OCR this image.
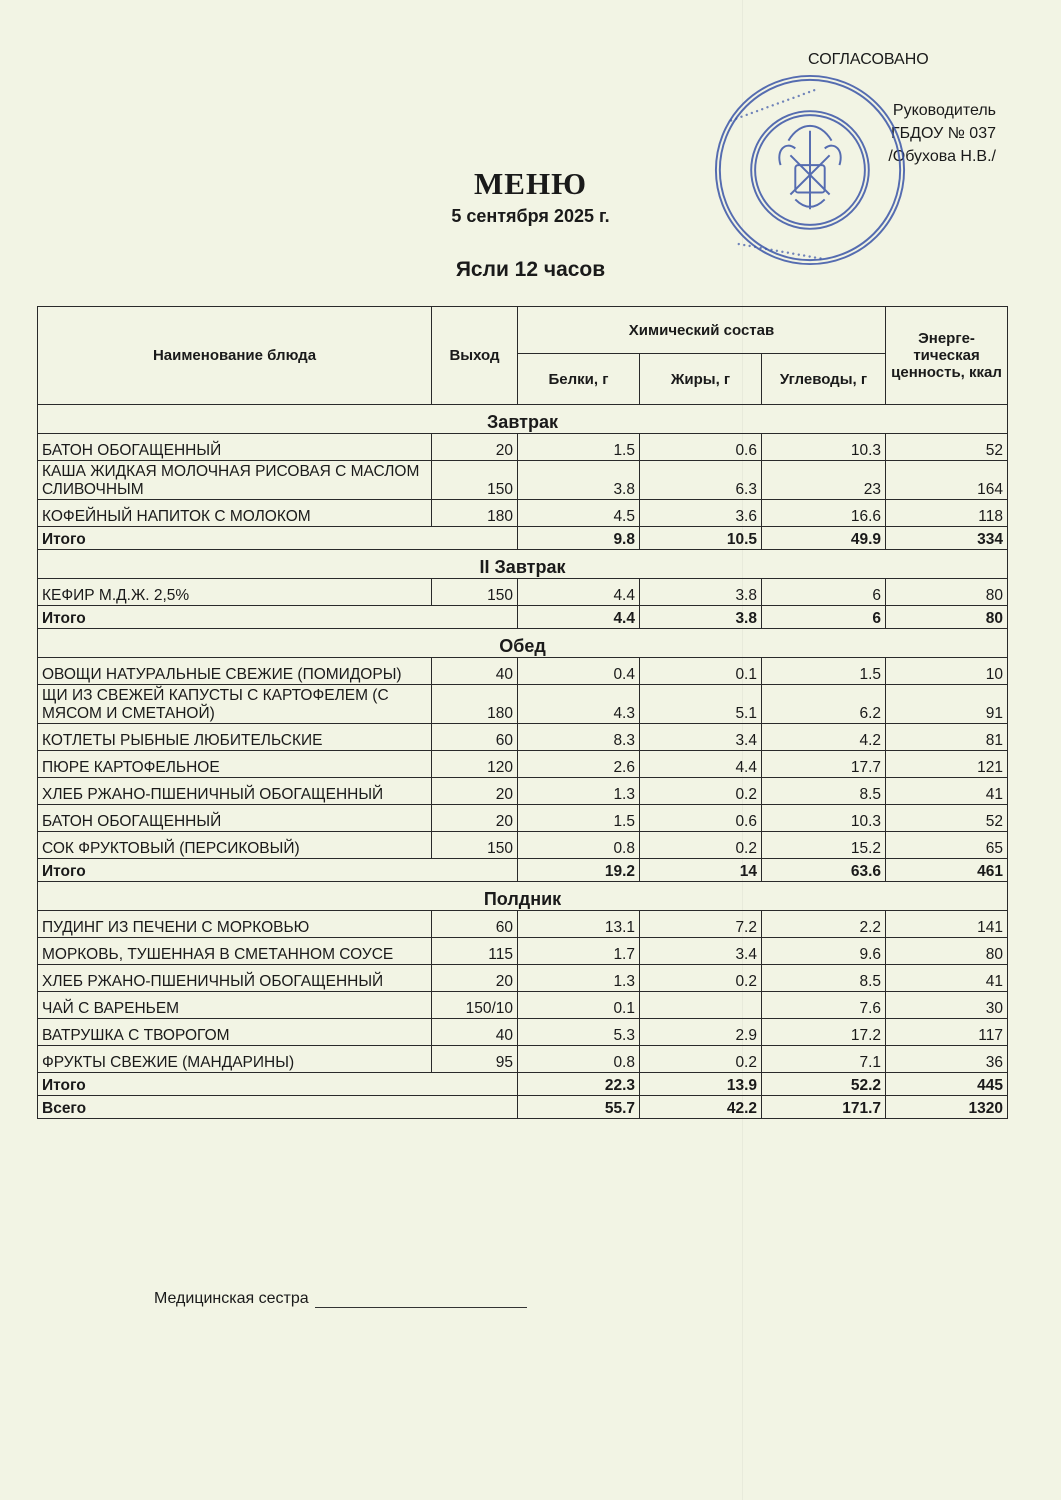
СОГЛАСОВАНО
Руководитель
ГБДОУ № 037
/Обухова Н.В./
• • • • • • • • • • • • • • • • •
• • • • • • • • • • • • • • • •
МЕНЮ
5 сентября 2025 г.
Ясли 12 часов
Наименование блюда	Выход	Химический состав			Энерге-тическая ценность, ккал
		Белки, г	Жиры, г	Углеводы, г	
Завтрак					
БАТОН ОБОГАЩЕННЫЙ	20	1.5	0.6	10.3	52
КАША ЖИДКАЯ МОЛОЧНАЯ РИСОВАЯ С МАСЛОМ СЛИВОЧНЫМ	150	3.8	6.3	23	164
КОФЕЙНЫЙ НАПИТОК С МОЛОКОМ	180	4.5	3.6	16.6	118
Итого		9.8	10.5	49.9	334
II Завтрак					
КЕФИР М.Д.Ж. 2,5%	150	4.4	3.8	6	80
Итого		4.4	3.8	6	80
Обед					
ОВОЩИ НАТУРАЛЬНЫЕ СВЕЖИЕ (ПОМИДОРЫ)	40	0.4	0.1	1.5	10
ЩИ ИЗ СВЕЖЕЙ КАПУСТЫ С КАРТОФЕЛЕМ (С МЯСОМ И СМЕТАНОЙ)	180	4.3	5.1	6.2	91
КОТЛЕТЫ РЫБНЫЕ ЛЮБИТЕЛЬСКИЕ	60	8.3	3.4	4.2	81
ПЮРЕ КАРТОФЕЛЬНОЕ	120	2.6	4.4	17.7	121
ХЛЕБ РЖАНО-ПШЕНИЧНЫЙ ОБОГАЩЕННЫЙ	20	1.3	0.2	8.5	41
БАТОН ОБОГАЩЕННЫЙ	20	1.5	0.6	10.3	52
СОК ФРУКТОВЫЙ (ПЕРСИКОВЫЙ)	150	0.8	0.2	15.2	65
Итого		19.2	14	63.6	461
Полдник					
ПУДИНГ ИЗ ПЕЧЕНИ С МОРКОВЬЮ	60	13.1	7.2	2.2	141
МОРКОВЬ, ТУШЕННАЯ В СМЕТАННОМ СОУСЕ	115	1.7	3.4	9.6	80
ХЛЕБ РЖАНО-ПШЕНИЧНЫЙ ОБОГАЩЕННЫЙ	20	1.3	0.2	8.5	41
ЧАЙ С ВАРЕНЬЕМ	150/10	0.1		7.6	30
ВАТРУШКА С ТВОРОГОМ	40	5.3	2.9	17.2	117
ФРУКТЫ СВЕЖИЕ (МАНДАРИНЫ)	95	0.8	0.2	7.1	36
Итого		22.3	13.9	52.2	445
Всего		55.7	42.2	171.7	1320
Медицинская сестра
